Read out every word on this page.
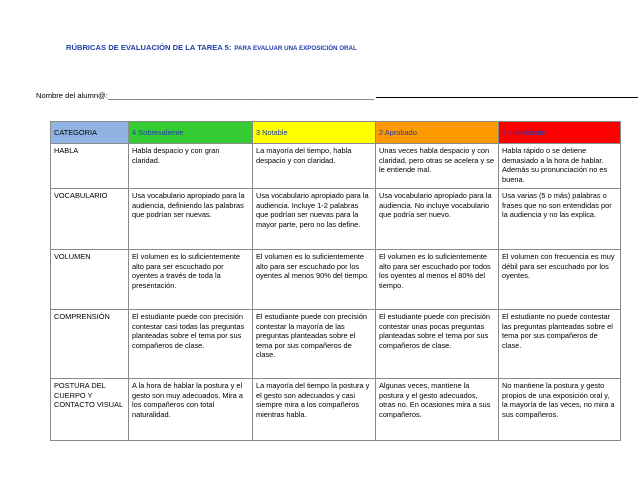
RÚBRICAS DE EVALUACIÓN DE LA TAREA 5: PARA EVALUAR UNA EXPOSICIÓN ORAL
Nombre del alumn@:_______________________________________________________________
CATEGORIA	4 Sobresaliente	3 Notable	2 Aprobado	1 Insuficiente
HABLA	Habla despacio y con gran claridad.	La mayoría del tiempo, habla despacio y con claridad.	Unas veces habla despacio y con claridad, pero otras se acelera y se le entiende mal.	Habla rápido o se detiene demasiado a la hora de hablar. Además su pronunciación no es buena.
VOCABULARIO	Usa vocabulario apropiado para la audiencia, definiendo las palabras que podrían ser nuevas.	Usa vocabulario apropiado para la audiencia. Incluye 1-2 palabras que podrían ser nuevas para la mayor parte, pero no las define.	Usa vocabulario apropiado para la audiencia. No incluye vocabulario que podría ser nuevo.	Usa varias (5 o más) palabras o frases que no son entendidas por la audiencia y no las explica.
VOLUMEN	El volumen es lo suficientemente alto para ser escuchado por oyentes a través de toda la presentación.	El volumen es lo suficientemente alto para ser escuchado por los oyentes al menos 90% del tiempo.	El volumen es lo suficientemente alto para ser escuchado por todos los oyentes al menos el 80% del tiempo.	El volumen con frecuencia es muy débil para ser escuchado por los oyentes.
COMPRENSIÓN	El estudiante puede con precisión contestar casi todas las preguntas planteadas sobre el tema por sus compañeros de clase.	El estudiante puede con precisión contestar la mayoría de las preguntas planteadas sobre el tema por sus compañeros de clase.	El estudiante puede con precisión contestar unas pocas preguntas planteadas sobre el tema por sus compañeros de clase.	El estudiante no puede contestar las preguntas planteadas sobre el tema por sus compañeros de clase.
POSTURA DEL CUERPO Y CONTACTO VISUAL	A la hora de hablar la postura y el gesto son muy adecuados. Mira a los compañeros con total naturalidad.	La mayoría del tiempo la postura y el gesto son adecuados y casi siempre mira a los compañeros mientras habla.	Algunas veces, mantiene la postura y el gesto adecuados, otras no. En ocasiones mira a sus compañeros.	No mantiene la postura y gesto propios de una exposición oral y, la mayoría de las veces, no mira a sus compañeros.
